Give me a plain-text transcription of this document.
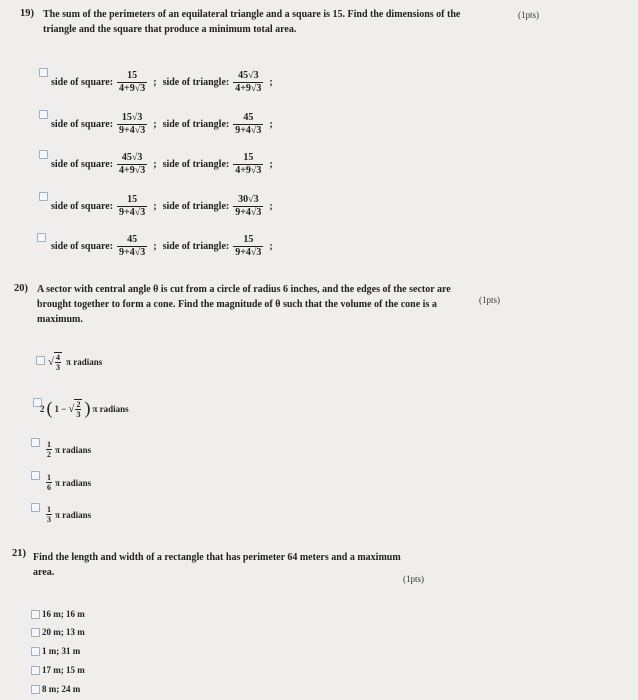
19) The sum of the perimeters of an equilateral triangle and a square is 15. Find the dimensions of the
triangle and the square that produce a minimum total area.
(1pts)
side of square: $\frac{15}{4+9√3}$ ; side of triangle: $\frac{45√3}{4+9√3}$ ;
side of square: $\frac{15√3}{9+4√3}$ ; side of triangle: $\frac{45}{9+4√3}$ ;
side of square: $\frac{45√3}{4+9√3}$ ; side of triangle: $\frac{15}{4+9√3}$ ;
side of square: $\frac{15}{9+4√3}$ ; side of triangle: $\frac{30√3}{9+4√3}$ ;
side of square: $\frac{45}{9+4√3}$ ; side of triangle: $\frac{15}{9+4√3}$ ;
20) A sector with central angle θ is cut from a circle of radius 6 inches, and the edges of the sector are
brought together to form a cone. Find the magnitude of θ such that the volume of the cone is a
maximum.
(1pts)
√ $\frac{4}{3}$ π radians
2 ( 1 − √ $\frac{2}{3}$ ) π radians
1
2 π radians
1
6 π radians
1
3 π radians
21) Find the length and width of a rectangle that has perimeter 64 meters and a maximum
area.
(1pts)
16 m; 16 m
20 m; 13 m
1 m; 31 m
17 m; 15 m
8 m; 24 m
